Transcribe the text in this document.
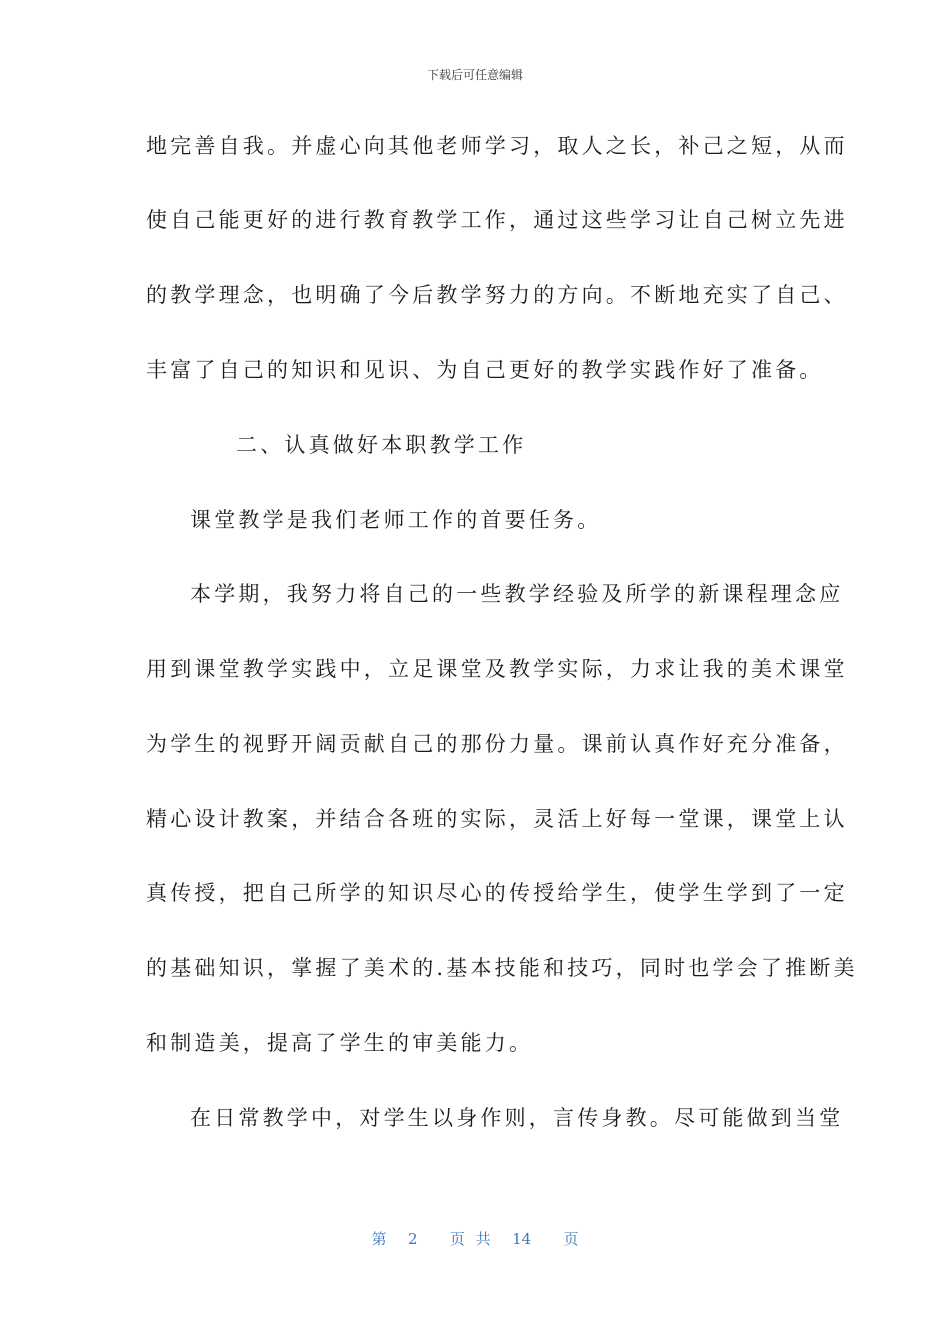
下载后可任意编辑
地完善自我。并虚心向其他老师学习，取人之长，补己之短，从而
使自己能更好的进行教育教学工作，通过这些学习让自己树立先进
的教学理念，也明确了今后教学努力的方向。不断地充实了自己、
丰富了自己的知识和见识、为自己更好的教学实践作好了准备。
二、认真做好本职教学工作
课堂教学是我们老师工作的首要任务。
本学期，我努力将自己的一些教学经验及所学的新课程理念应
用到课堂教学实践中，立足课堂及教学实际，力求让我的美术课堂
为学生的视野开阔贡献自己的那份力量。课前认真作好充分准备，
精心设计教案，并结合各班的实际，灵活上好每一堂课，课堂上认
真传授，把自己所学的知识尽心的传授给学生，使学生学到了一定
的基础知识，掌握了美术的.基本技能和技巧，同时也学会了推断美
和制造美，提高了学生的审美能力。
在日常教学中，对学生以身作则，言传身教。尽可能做到当堂
第  2   页 共  14   页
